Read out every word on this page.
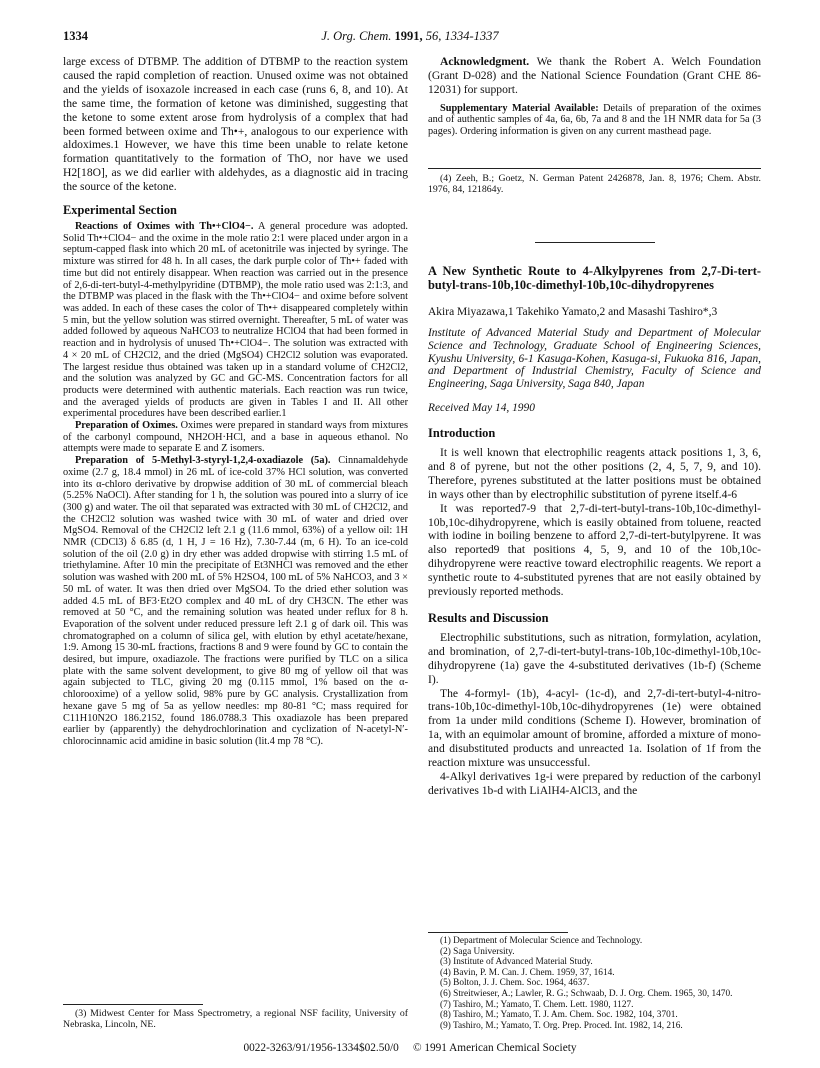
1334	J. Org. Chem. 1991, 56, 1334-1337

large excess of DTBMP. The addition of DTBMP to the reaction system caused the rapid completion of reaction. Unused oxime was not obtained and the yields of isoxazole increased in each case (runs 6, 8, and 10). At the same time, the formation of ketone was diminished, suggesting that the ketone to some extent arose from hydrolysis of a complex that had been formed between oxime and Th•+, analogous to our experience with aldoximes.1 However, we have this time been unable to relate ketone formation quantitatively to the formation of ThO, nor have we used H2[18O], as we did earlier with aldehydes, as a diagnostic aid in tracing the source of the ketone.

Experimental Section

Reactions of Oximes with Th•+ClO4−. A general procedure was adopted. Solid Th•+ClO4− and the oxime in the mole ratio 2:1 were placed under argon in a septum-capped flask into which 20 mL of acetonitrile was injected by syringe. The mixture was stirred for 48 h. In all cases, the dark purple color of Th•+ faded with time but did not entirely disappear. When reaction was carried out in the presence of 2,6-di-tert-butyl-4-methylpyridine (DTBMP), the mole ratio used was 2:1:3, and the DTBMP was placed in the flask with the Th•+ClO4− and oxime before solvent was added. In each of these cases the color of Th•+ disappeared completely within 5 min, but the yellow solution was stirred overnight. Thereafter, 5 mL of water was added followed by aqueous NaHCO3 to neutralize HClO4 that had been formed in reaction and in hydrolysis of unused Th•+ClO4−. The solution was extracted with 4 × 20 mL of CH2Cl2, and the dried (MgSO4) CH2Cl2 solution was evaporated. The largest residue thus obtained was taken up in a standard volume of CH2Cl2, and the solution was analyzed by GC and GC-MS. Concentration factors for all products were determined with authentic materials. Each reaction was run twice, and the averaged yields of products are given in Tables I and II. All other experimental procedures have been described earlier.1

Preparation of Oximes. Oximes were prepared in standard ways from mixtures of the carbonyl compound, NH2OH·HCl, and a base in aqueous ethanol. No attempts were made to separate E and Z isomers.

Preparation of 5-Methyl-3-styryl-1,2,4-oxadiazole (5a). Cinnamaldehyde oxime (2.7 g, 18.4 mmol) in 26 mL of ice-cold 37% HCl solution, was converted into its α-chloro derivative by dropwise addition of 30 mL of commercial bleach (5.25% NaOCl). After standing for 1 h, the solution was poured into a slurry of ice (300 g) and water. The oil that separated was extracted with 30 mL of CH2Cl2, and the CH2Cl2 solution was washed twice with 30 mL of water and dried over MgSO4. Removal of the CH2Cl2 left 2.1 g (11.6 mmol, 63%) of a yellow oil: 1H NMR (CDCl3) δ 6.85 (d, 1 H, J = 16 Hz), 7.30-7.44 (m, 6 H). To an ice-cold solution of the oil (2.0 g) in dry ether was added dropwise with stirring 1.5 mL of triethylamine. After 10 min the precipitate of Et3NHCl was removed and the ether solution was washed with 200 mL of 5% H2SO4, 100 mL of 5% NaHCO3, and 3 × 50 mL of water. It was then dried over MgSO4. To the dried ether solution was added 4.5 mL of BF3·Et2O complex and 40 mL of dry CH3CN. The ether was removed at 50 °C, and the remaining solution was heated under reflux for 8 h. Evaporation of the solvent under reduced pressure left 2.1 g of dark oil. This was chromatographed on a column of silica gel, with elution by ethyl acetate/hexane, 1:9. Among 15 30-mL fractions, fractions 8 and 9 were found by GC to contain the desired, but impure, oxadiazole. The fractions were purified by TLC on a silica plate with the same solvent development, to give 80 mg of yellow oil that was again subjected to TLC, giving 20 mg (0.115 mmol, 1% based on the α-chlorooxime) of a yellow solid, 98% pure by GC analysis. Crystallization from hexane gave 5 mg of 5a as yellow needles: mp 80-81 °C; mass required for C11H10N2O 186.2152, found 186.0788.3 This oxadiazole has been prepared earlier by (apparently) the dehydrochlorination and cyclization of N-acetyl-N′-chlorocinnamic acid amidine in basic solution (lit.4 mp 78 °C).

(3) Midwest Center for Mass Spectrometry, a regional NSF facility, University of Nebraska, Lincoln, NE.

Acknowledgment. We thank the Robert A. Welch Foundation (Grant D-028) and the National Science Foundation (Grant CHE 86-12031) for support.

Supplementary Material Available: Details of preparation of the oximes and of authentic samples of 4a, 6a, 6b, 7a and 8 and the 1H NMR data for 5a (3 pages). Ordering information is given on any current masthead page.

(4) Zeeh, B.; Goetz, N. German Patent 2426878, Jan. 8, 1976; Chem. Abstr. 1976, 84, 121864y.

A New Synthetic Route to 4-Alkylpyrenes from 2,7-Di-tert-butyl-trans-10b,10c-dimethyl-10b,10c-dihydropyrenes

Akira Miyazawa,1 Takehiko Yamato,2 and Masashi Tashiro*,3

Institute of Advanced Material Study and Department of Molecular Science and Technology, Graduate School of Engineering Sciences, Kyushu University, 6-1 Kasuga-Kohen, Kasuga-si, Fukuoka 816, Japan, and Department of Industrial Chemistry, Faculty of Science and Engineering, Saga University, Saga 840, Japan

Received May 14, 1990

Introduction

It is well known that electrophilic reagents attack positions 1, 3, 6, and 8 of pyrene, but not the other positions (2, 4, 5, 7, 9, and 10). Therefore, pyrenes substituted at the latter positions must be obtained in ways other than by electrophilic substitution of pyrene itself.4-6

It was reported7-9 that 2,7-di-tert-butyl-trans-10b,10c-dimethyl-10b,10c-dihydropyrene, which is easily obtained from toluene, reacted with iodine in boiling benzene to afford 2,7-di-tert-butylpyrene. It was also reported9 that positions 4, 5, 9, and 10 of the 10b,10c-dihydropyrene were reactive toward electrophilic reagents. We report a synthetic route to 4-substituted pyrenes that are not easily obtained by previously reported methods.

Results and Discussion

Electrophilic substitutions, such as nitration, formylation, acylation, and bromination, of 2,7-di-tert-butyl-trans-10b,10c-dimethyl-10b,10c-dihydropyrene (1a) gave the 4-substituted derivatives (1b-f) (Scheme I).

The 4-formyl- (1b), 4-acyl- (1c-d), and 2,7-di-tert-butyl-4-nitro-trans-10b,10c-dimethyl-10b,10c-dihydropyrenes (1e) were obtained from 1a under mild conditions (Scheme I). However, bromination of 1a, with an equimolar amount of bromine, afforded a mixture of mono- and disubstituted products and unreacted 1a. Isolation of 1f from the reaction mixture was unsuccessful.

4-Alkyl derivatives 1g-i were prepared by reduction of the carbonyl derivatives 1b-d with LiAlH4-AlCl3, and the

(1) Department of Molecular Science and Technology.

(2) Saga University.

(3) Institute of Advanced Material Study.

(4) Bavin, P. M. Can. J. Chem. 1959, 37, 1614.

(5) Bolton, J. J. Chem. Soc. 1964, 4637.

(6) Streitwieser, A.; Lawler, R. G.; Schwaab, D. J. Org. Chem. 1965, 30, 1470.

(7) Tashiro, M.; Yamato, T. Chem. Lett. 1980, 1127.

(8) Tashiro, M.; Yamato, T. J. Am. Chem. Soc. 1982, 104, 3701.

(9) Tashiro, M.; Yamato, T. Org. Prep. Proced. Int. 1982, 14, 216.

0022-3263/91/1956-1334$02.50/0 © 1991 American Chemical Society
